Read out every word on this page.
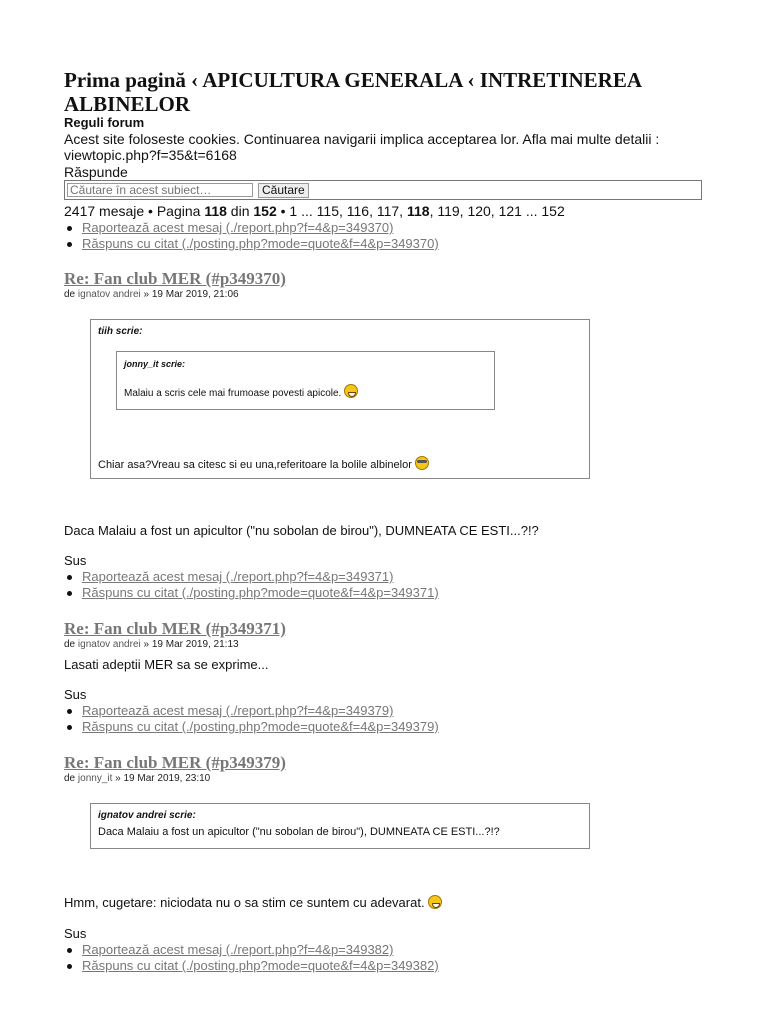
Prima pagină ‹ APICULTURA GENERALA ‹ INTRETINEREA ALBINELOR
Reguli forum
Acest site foloseste cookies. Continuarea navigarii implica acceptarea lor. Afla mai multe detalii : viewtopic.php?f=35&t=6168
Răspunde
Căutare în acest subiect…
Căutare
2417 mesaje • Pagina 118 din 152 • 1 ... 115, 116, 117, 118, 119, 120, 121 ... 152
Raportează acest mesaj (./report.php?f=4&p=349370)
Răspuns cu citat (./posting.php?mode=quote&f=4&p=349370)
Re: Fan club MER (#p349370)
de ignatov andrei » 19 Mar 2019, 21:06
tiih scrie:
jonny_it scrie:
Malaiu a scris cele mai frumoase povesti apicole.
Chiar asa?Vreau sa citesc si eu una,referitoare la bolile albinelor
Daca Malaiu a fost un apicultor ("nu sobolan de birou"), DUMNEATA CE ESTI...?!?
Sus
Raportează acest mesaj (./report.php?f=4&p=349371)
Răspuns cu citat (./posting.php?mode=quote&f=4&p=349371)
Re: Fan club MER (#p349371)
de ignatov andrei » 19 Mar 2019, 21:13
Lasati adeptii MER sa se exprime...
Sus
Raportează acest mesaj (./report.php?f=4&p=349379)
Răspuns cu citat (./posting.php?mode=quote&f=4&p=349379)
Re: Fan club MER (#p349379)
de jonny_it » 19 Mar 2019, 23:10
ignatov andrei scrie:
Daca Malaiu a fost un apicultor ("nu sobolan de birou"), DUMNEATA CE ESTI...?!?
Hmm, cugetare: niciodata nu o sa stim ce suntem cu adevarat.
Sus
Raportează acest mesaj (./report.php?f=4&p=349382)
Răspuns cu citat (./posting.php?mode=quote&f=4&p=349382)
